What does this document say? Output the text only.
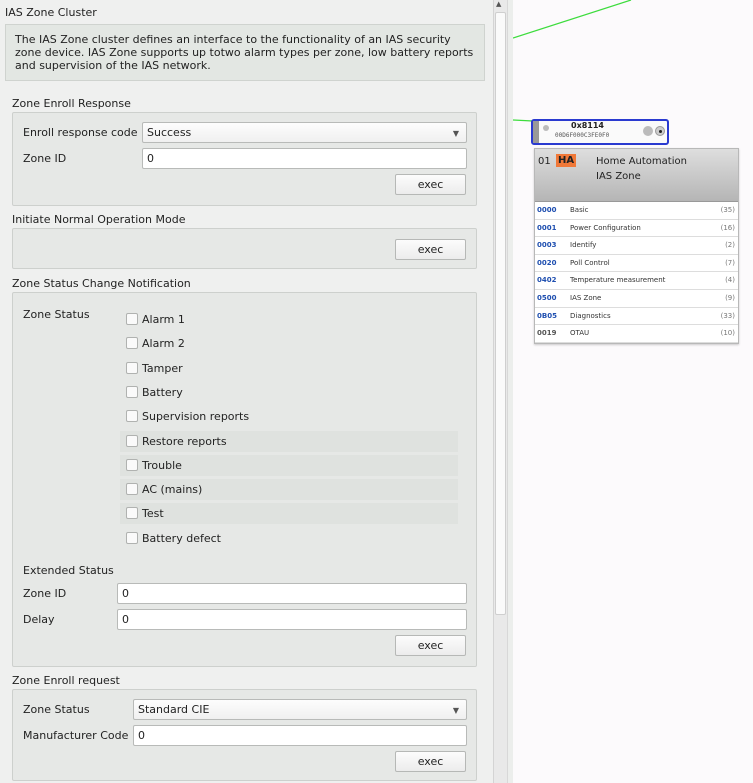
IAS Zone Cluster
The IAS Zone cluster defines an interface to the functionality of an IAS security zone device. IAS Zone supports up totwo alarm types per zone, low battery reports and supervision of the IAS network.
Zone Enroll Response
Enroll response code Success	▼
Zone ID	0
exec
Initiate Normal Operation Mode
exec
Zone Status Change Notification
Zone Status	Alarm 1
Alarm 2
Tamper
Battery
Supervision reports
Restore reports
Trouble
AC (mains)
Test
Battery defect
Extended Status
Zone ID	0
Delay	0
exec
Zone Enroll request
Zone Status	Standard CIE	▼
Manufacturer Code 0
exec
▲
0x8114
00D6F000C3FE0F0
01 HA Home Automation
IAS Zone
0000 Basic	(35)
0001 Power Configuration	(16)
0003 Identify	(2)
0020 Poll Control	(7)
0402 Temperature measurement	(4)
0500 IAS Zone	(9)
0B05 Diagnostics	(33)
0019 OTAU	(10)
